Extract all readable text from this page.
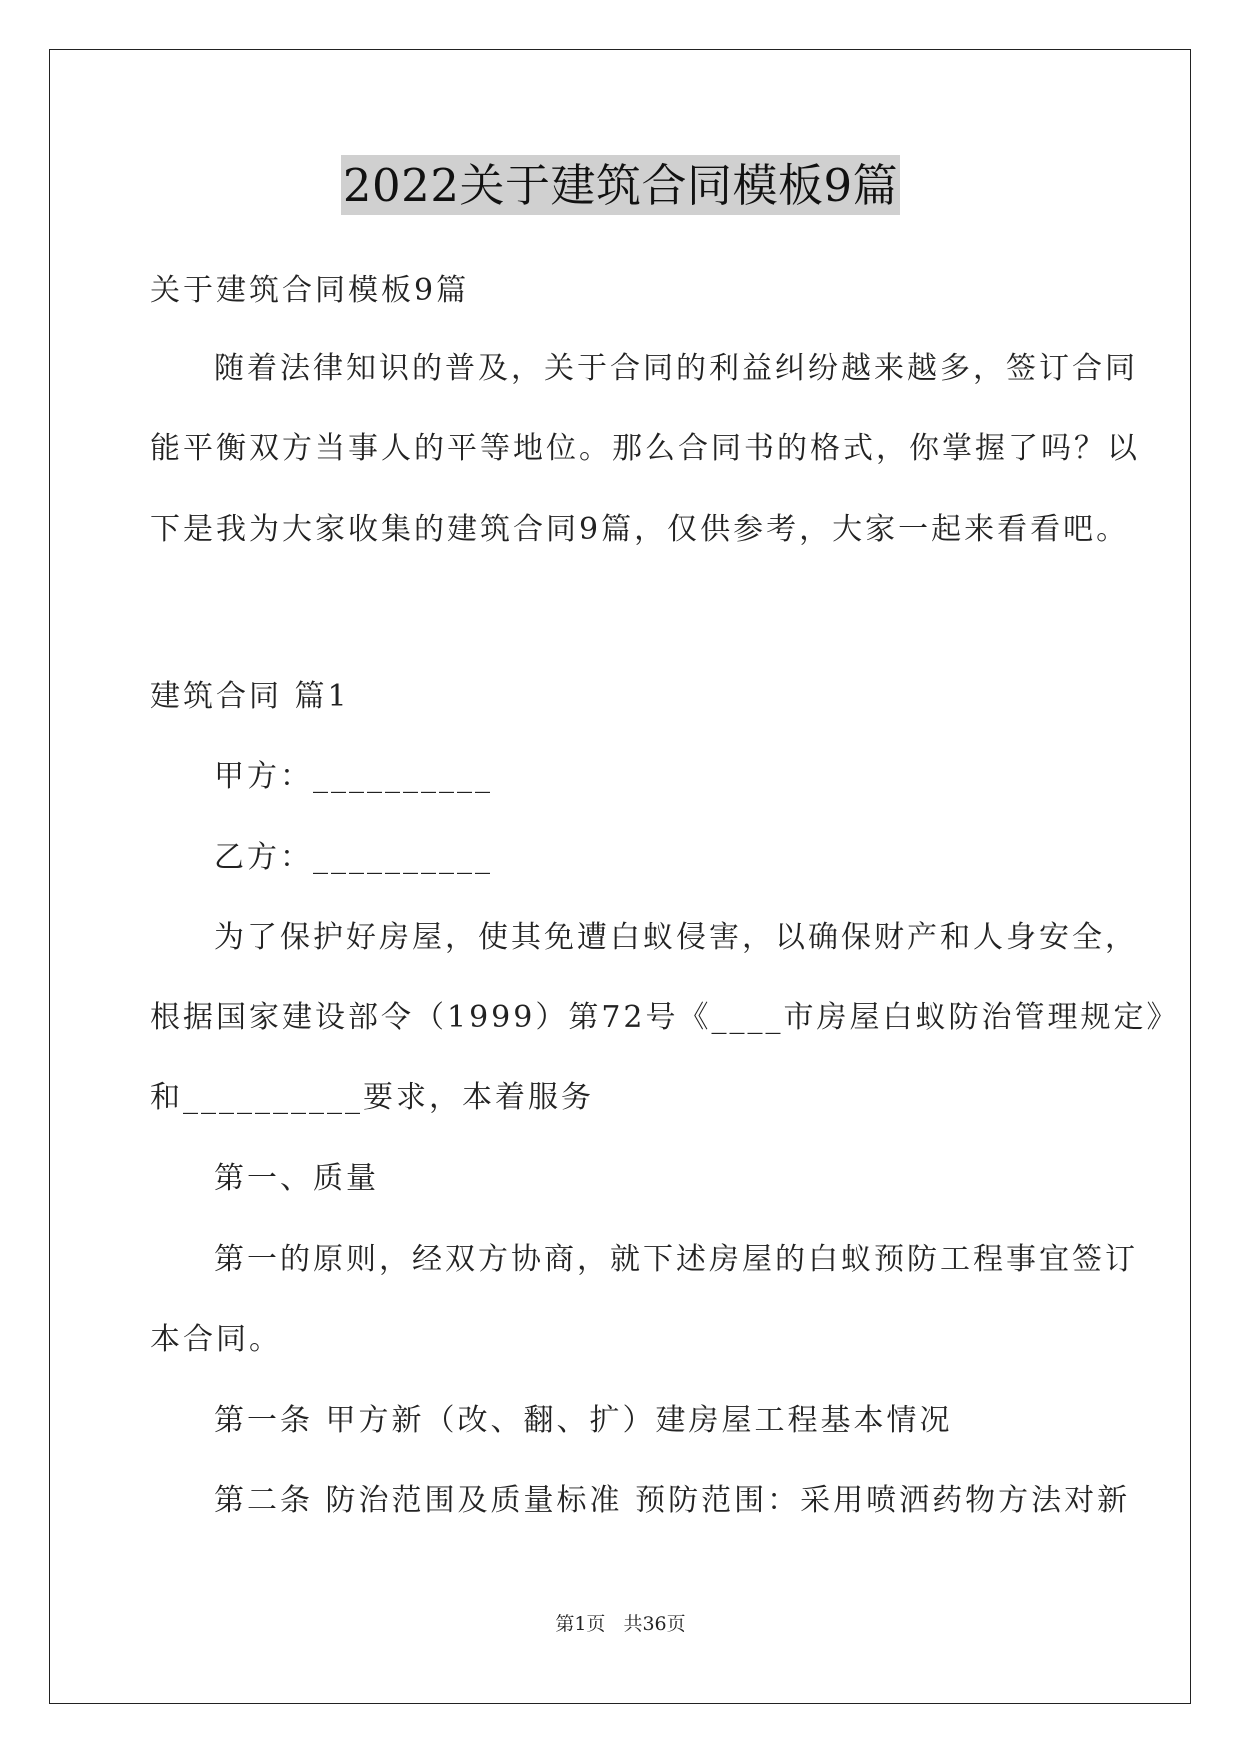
2022关于建筑合同模板9篇
关于建筑合同模板9篇
随着法律知识的普及，关于合同的利益纠纷越来越多，签订合同
能平衡双方当事人的平等地位。那么合同书的格式，你掌握了吗？以
下是我为大家收集的建筑合同9篇，仅供参考，大家一起来看看吧。
建筑合同 篇1
甲方：__________
乙方：__________
为了保护好房屋，使其免遭白蚁侵害，以确保财产和人身安全，
根据国家建设部令（1999）第72号《____市房屋白蚁防治管理规定》
和__________要求，本着服务
第一、质量
第一的原则，经双方协商，就下述房屋的白蚁预防工程事宜签订
本合同。
第一条 甲方新（改、翻、扩）建房屋工程基本情况
第二条 防治范围及质量标准 预防范围：采用喷洒药物方法对新
第1页 共36页
